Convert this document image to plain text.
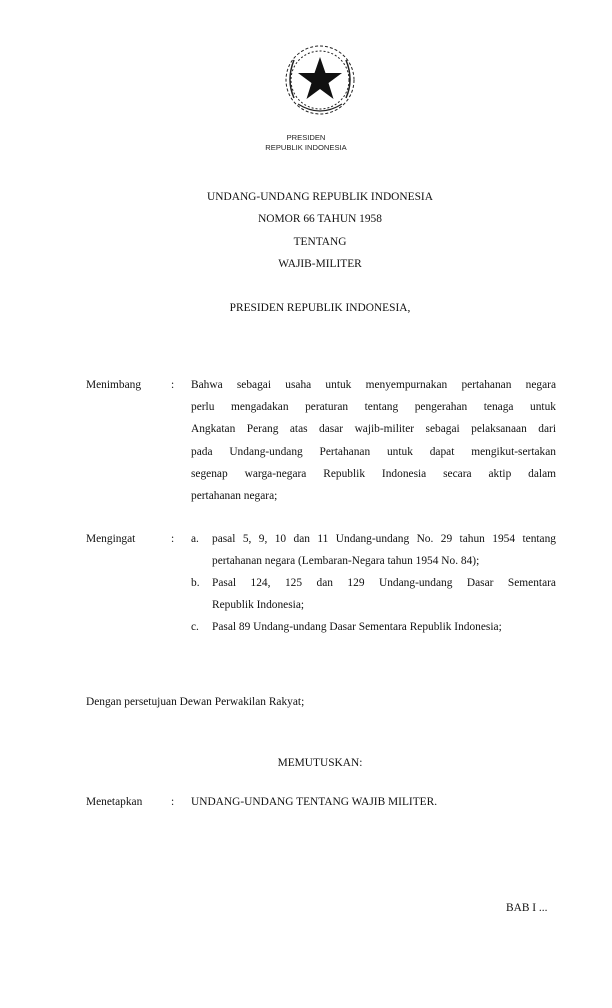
PRESIDEN
REPUBLIK INDONESIA
UNDANG-UNDANG REPUBLIK INDONESIA
NOMOR 66 TAHUN 1958
TENTANG
WAJIB-MILITER
PRESIDEN REPUBLIK INDONESIA,
Menimbang	: Bahwa sebagai usaha untuk menyempurnakan pertahanan negara
perlu mengadakan peraturan tentang pengerahan tenaga untuk
Angkatan Perang atas dasar wajib-militer sebagai pelaksanaan dari
pada Undang-undang Pertahanan untuk dapat mengikut-sertakan
segenap warga-negara Republik Indonesia secara aktip dalam
pertahanan negara;
Mengingat	: a. pasal 5, 9, 10 dan 11 Undang-undang No. 29 tahun 1954 tentang
pertahanan negara (Lembaran-Negara tahun 1954 No. 84);
b. Pasal 124, 125 dan 129 Undang-undang Dasar Sementara
Republik Indonesia;
c. Pasal 89 Undang-undang Dasar Sementara Republik Indonesia;
Dengan persetujuan Dewan Perwakilan Rakyat;
MEMUTUSKAN:
Menetapkan	: UNDANG-UNDANG TENTANG WAJIB MILITER.
BAB I ...
